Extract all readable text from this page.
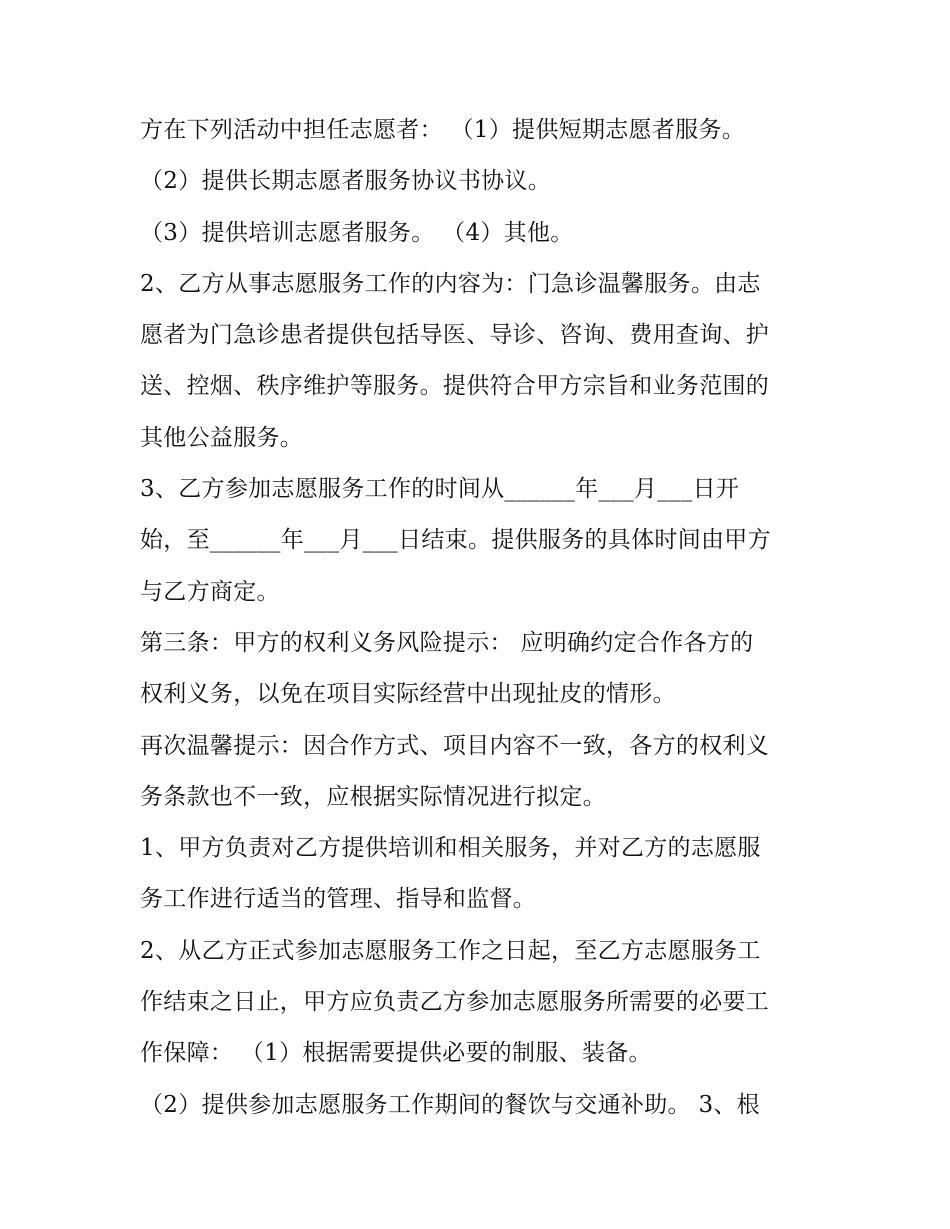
方在下列活动中担任志愿者： （1）提供短期志愿者服务。
（2）提供长期志愿者服务协议书协议。
（3）提供培训志愿者服务。 （4）其他。
2、乙方从事志愿服务工作的内容为：门急诊温馨服务。由志
愿者为门急诊患者提供包括导医、导诊、咨询、费用查询、护
送、控烟、秩序维护等服务。提供符合甲方宗旨和业务范围的
其他公益服务。
3、乙方参加志愿服务工作的时间从______年___月___日开
始，至______年___月___日结束。提供服务的具体时间由甲方
与乙方商定。
第三条：甲方的权利义务风险提示： 应明确约定合作各方的
权利义务，以免在项目实际经营中出现扯皮的情形。
再次温馨提示：因合作方式、项目内容不一致，各方的权利义
务条款也不一致，应根据实际情况进行拟定。
1、甲方负责对乙方提供培训和相关服务，并对乙方的志愿服
务工作进行适当的管理、指导和监督。
2、从乙方正式参加志愿服务工作之日起，至乙方志愿服务工
作结束之日止，甲方应负责乙方参加志愿服务所需要的必要工
作保障： （1）根据需要提供必要的制服、装备。
（2）提供参加志愿服务工作期间的餐饮与交通补助。 3、根
